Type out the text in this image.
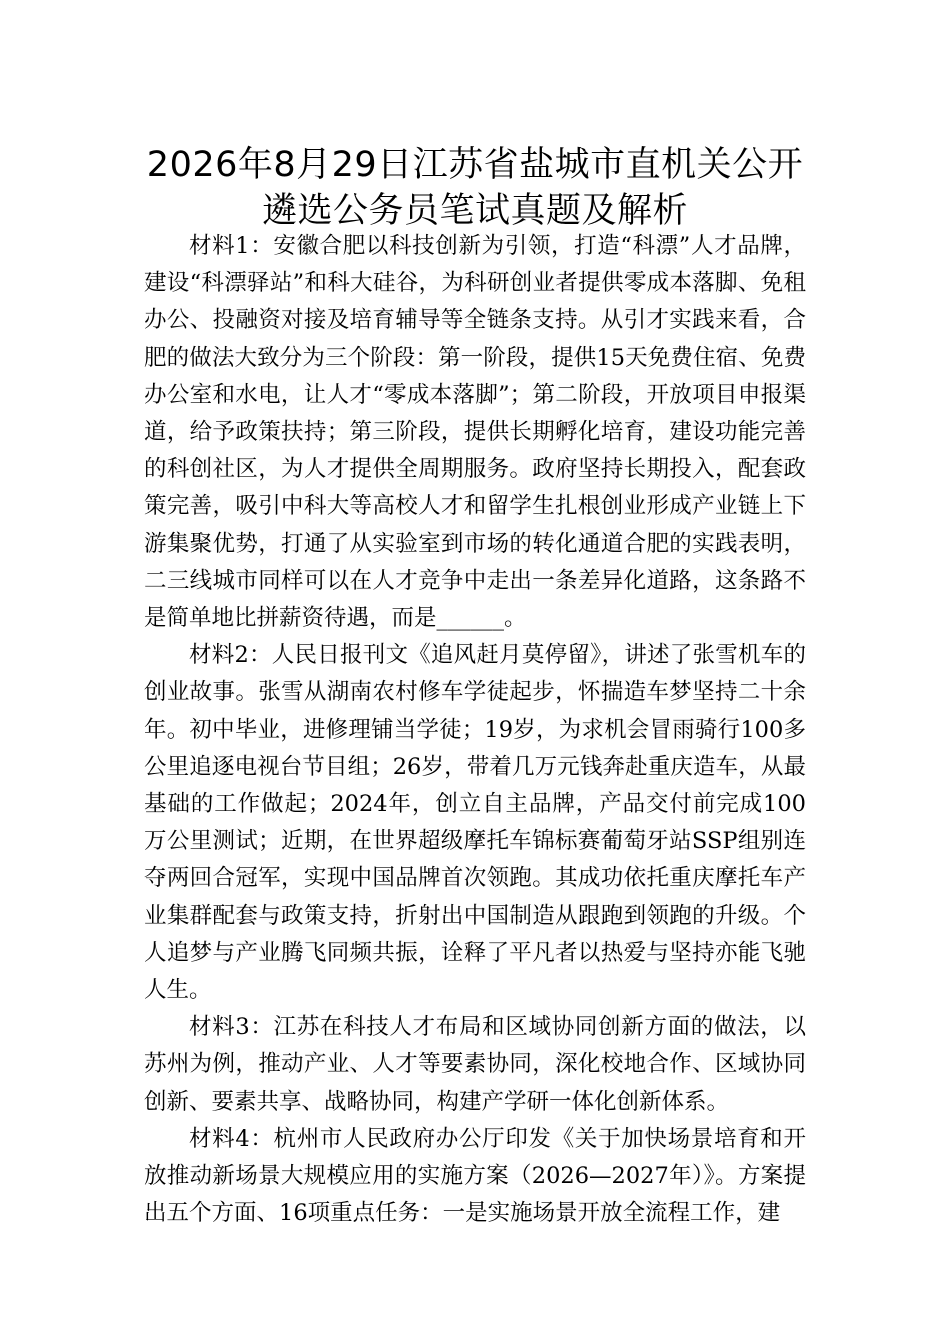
2026年8月29日江苏省盐城市直机关公开
遴选公务员笔试真题及解析

材料1：安徽合肥以科技创新为引领，打造“科漂”人才品牌，建设“科漂驿站”和科大硅谷，为科研创业者提供零成本落脚、免租办公、投融资对接及培育辅导等全链条支持。从引才实践来看，合肥的做法大致分为三个阶段：第一阶段，提供15天免费住宿、免费办公室和水电，让人才“零成本落脚”；第二阶段，开放项目申报渠道，给予政策扶持；第三阶段，提供长期孵化培育，建设功能完善的科创社区，为人才提供全周期服务。政府坚持长期投入，配套政策完善，吸引中科大等高校人才和留学生扎根创业形成产业链上下游集聚优势，打通了从实验室到市场的转化通道合肥的实践表明，二三线城市同样可以在人才竞争中走出一条差异化道路，这条路不是简单地比拼薪资待遇，而是______。

材料2：人民日报刊文《追风赶月莫停留》，讲述了张雪机车的创业故事。张雪从湖南农村修车学徒起步，怀揣造车梦坚持二十余年。初中毕业，进修理铺当学徒；19岁，为求机会冒雨骑行100多公里追逐电视台节目组；26岁，带着几万元钱奔赴重庆造车，从最基础的工作做起；2024年，创立自主品牌，产品交付前完成100万公里测试；近期，在世界超级摩托车锦标赛葡萄牙站SSP组别连夺两回合冠军，实现中国品牌首次领跑。其成功依托重庆摩托车产业集群配套与政策支持，折射出中国制造从跟跑到领跑的升级。个人追梦与产业腾飞同频共振，诠释了平凡者以热爱与坚持亦能飞驰人生。

材料3：江苏在科技人才布局和区域协同创新方面的做法，以苏州为例，推动产业、人才等要素协同，深化校地合作、区域协同创新、要素共享、战略协同，构建产学研一体化创新体系。

材料4：杭州市人民政府办公厅印发《关于加快场景培育和开放推动新场景大规模应用的实施方案（2026—2027年）》。方案提出五个方面、16项重点任务：一是实施场景开放全流程工作，建
